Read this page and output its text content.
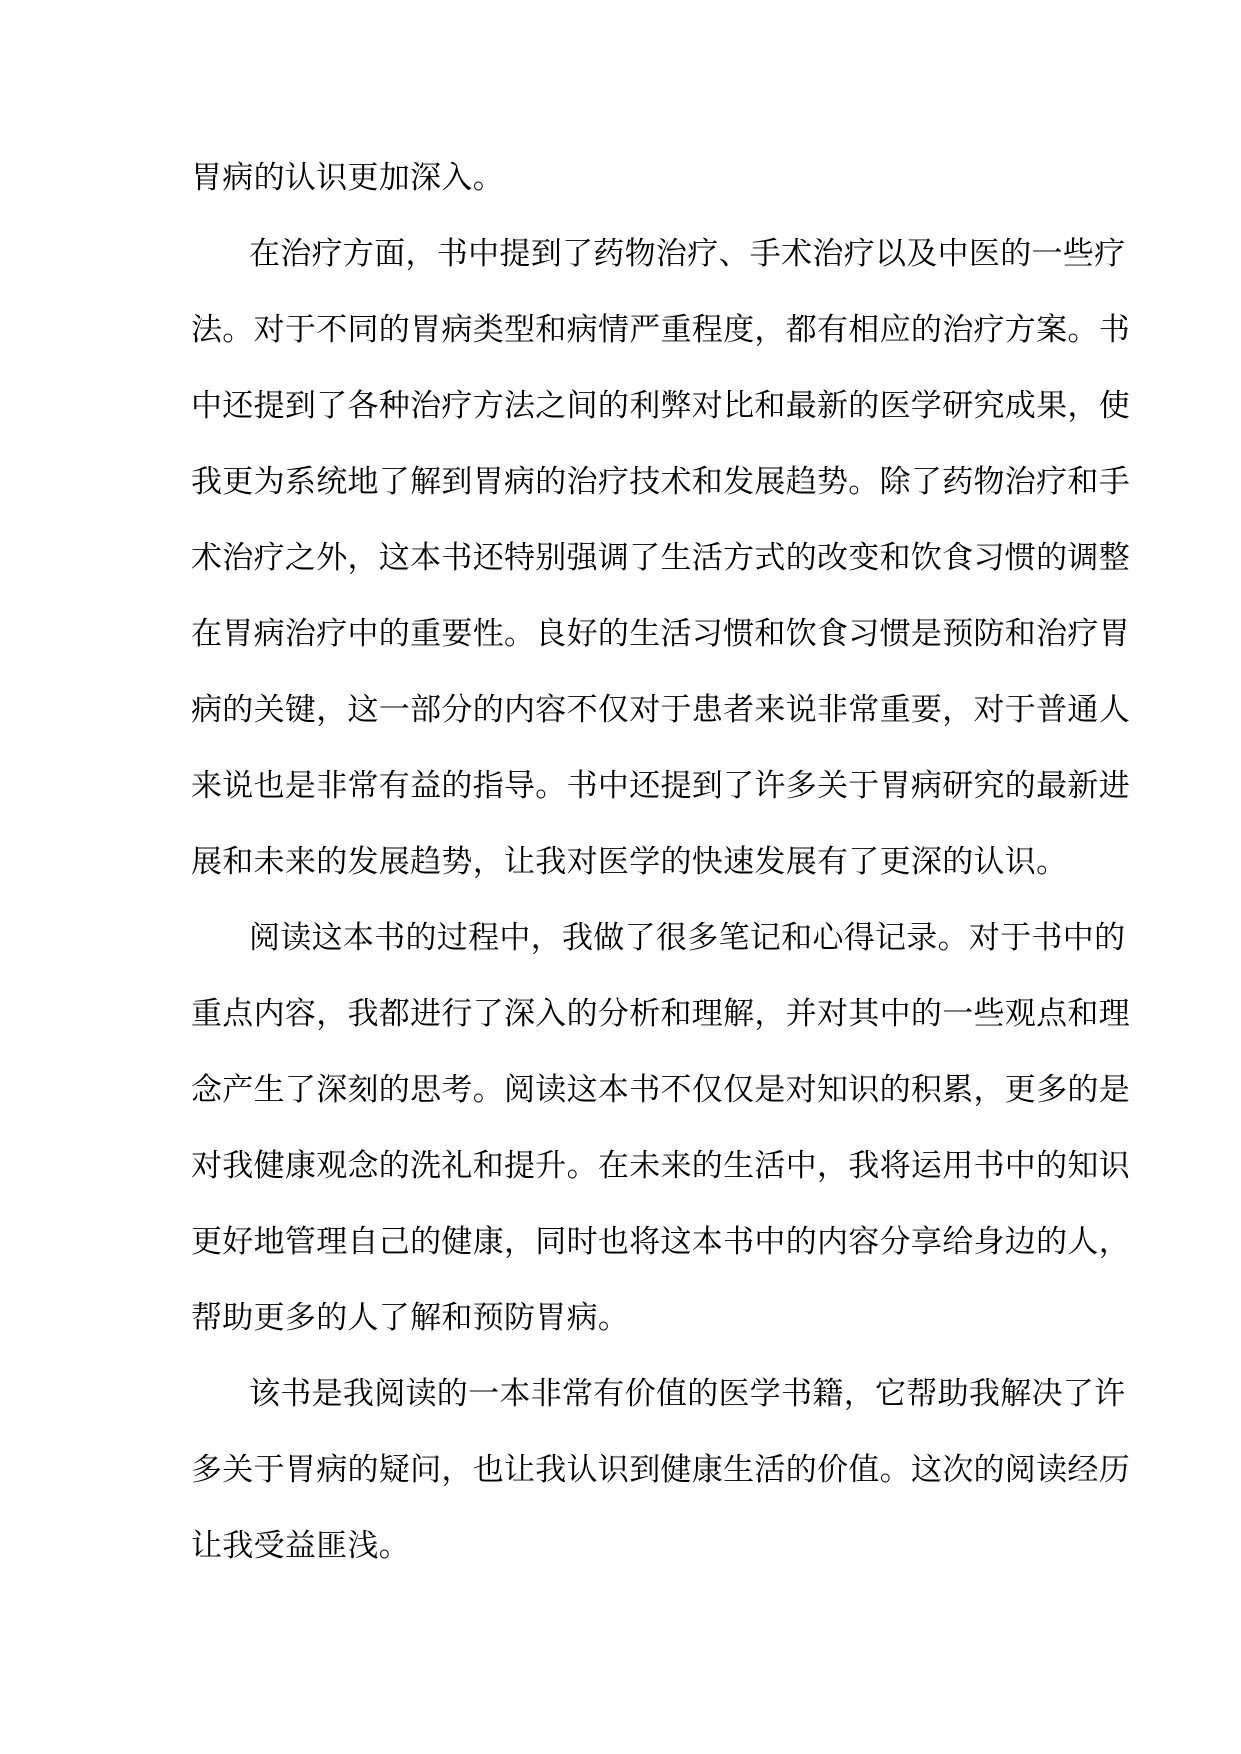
胃病的认识更加深入。
在治疗方面，书中提到了药物治疗、手术治疗以及中医的一些疗
法。对于不同的胃病类型和病情严重程度，都有相应的治疗方案。书
中还提到了各种治疗方法之间的利弊对比和最新的医学研究成果，使
我更为系统地了解到胃病的治疗技术和发展趋势。除了药物治疗和手
术治疗之外，这本书还特别强调了生活方式的改变和饮食习惯的调整
在胃病治疗中的重要性。良好的生活习惯和饮食习惯是预防和治疗胃
病的关键，这一部分的内容不仅对于患者来说非常重要，对于普通人
来说也是非常有益的指导。书中还提到了许多关于胃病研究的最新进
展和未来的发展趋势，让我对医学的快速发展有了更深的认识。
阅读这本书的过程中，我做了很多笔记和心得记录。对于书中的
重点内容，我都进行了深入的分析和理解，并对其中的一些观点和理
念产生了深刻的思考。阅读这本书不仅仅是对知识的积累，更多的是
对我健康观念的洗礼和提升。在未来的生活中，我将运用书中的知识
更好地管理自己的健康，同时也将这本书中的内容分享给身边的人，
帮助更多的人了解和预防胃病。
该书是我阅读的一本非常有价值的医学书籍，它帮助我解决了许
多关于胃病的疑问，也让我认识到健康生活的价值。这次的阅读经历
让我受益匪浅。
